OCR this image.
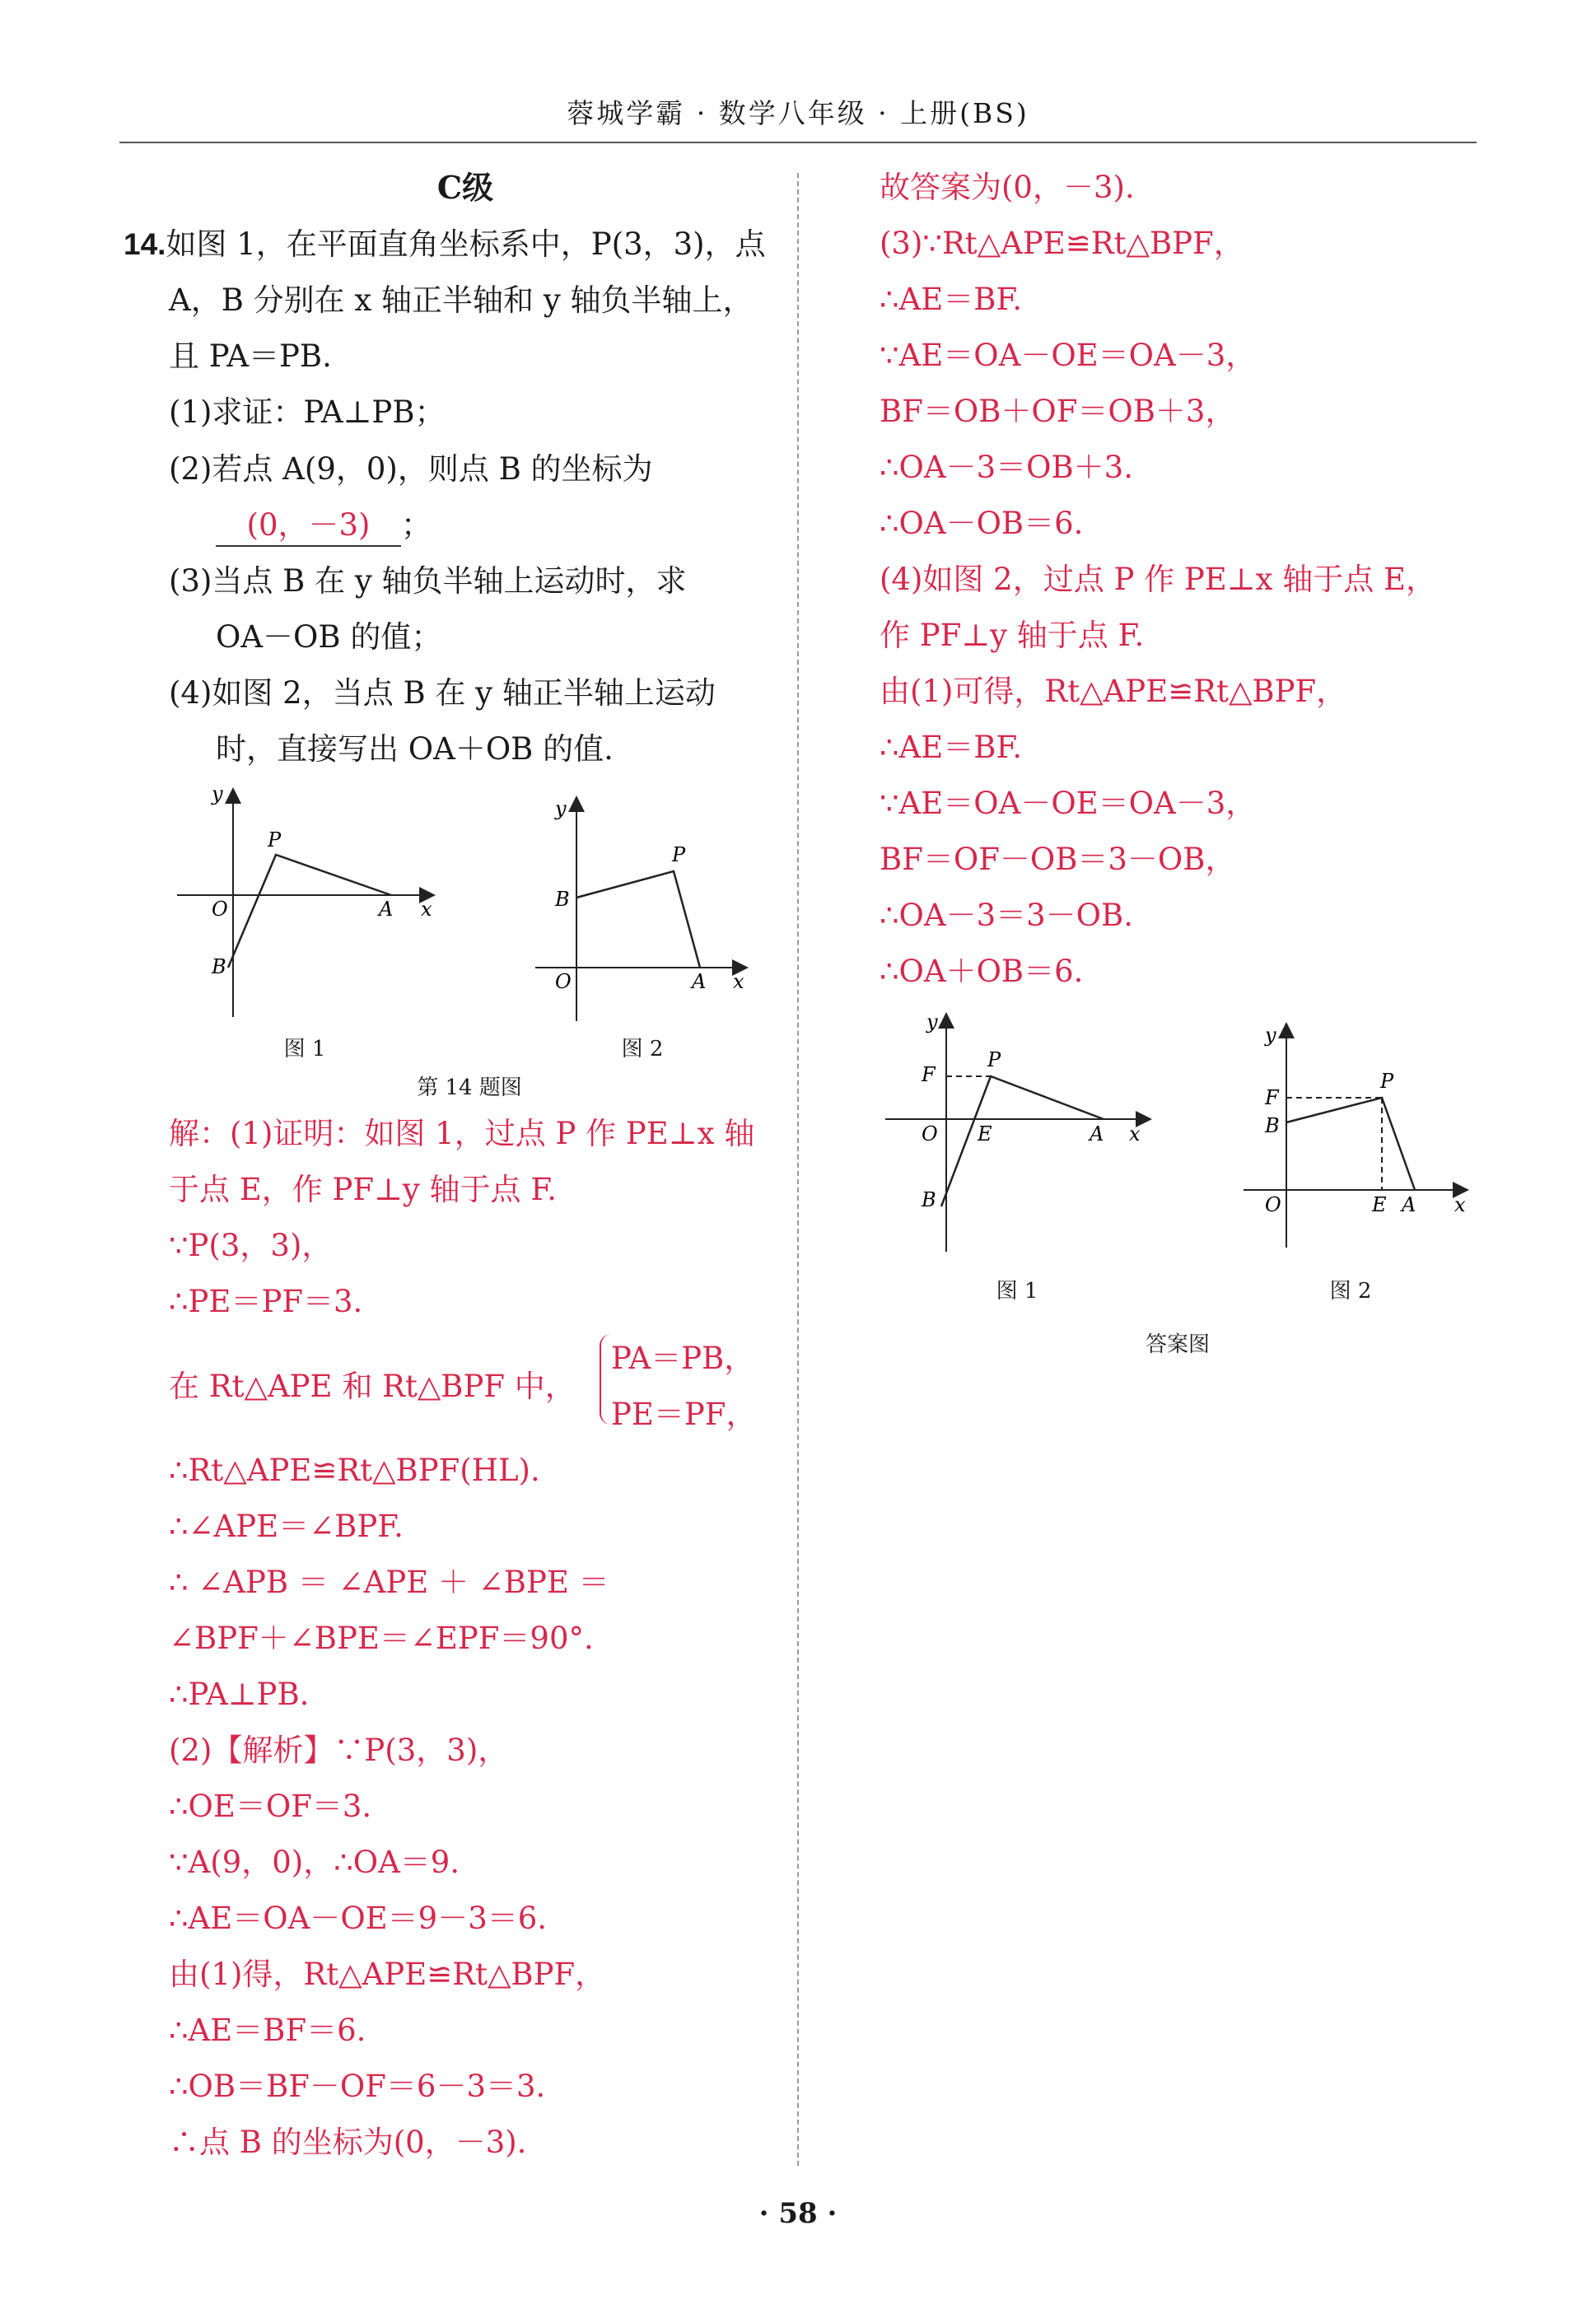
蓉城学霸 · 数学八年级 · 上册(BS)
C级
14.如图 1，在平面直角坐标系中，P(3，3)，点
A，B 分别在 x 轴正半轴和 y 轴负半轴上，
且 PA＝PB.
(1)求证：PA⊥PB；
(2)若点 A(9，0)，则点 B 的坐标为
(0，－3) ；
(3)当点 B 在 y 轴负半轴上运动时，求
OA－OB 的值；
(4)如图 2，当点 B 在 y 轴正半轴上运动
时，直接写出 OA＋OB 的值.
y
x
O	A
P
B
图 1
y
x
O	A
P
B
图 2
第 14 题图
解：(1)证明：如图 1，过点 P 作 PE⊥x 轴
于点 E，作 PF⊥y 轴于点 F.
∵P(3，3)，
∴PE＝PF＝3.
在 Rt△APE 和 Rt△BPF 中，
PA＝PB，
PE＝PF，
∴Rt△APE≌Rt△BPF(HL).
∴∠APE＝∠BPF.
∴ ∠APB ＝ ∠APE ＋ ∠BPE ＝
∠BPF＋∠BPE＝∠EPF＝90°.
∴PA⊥PB.
(2)【解析】∵P(3，3)，
∴OE＝OF＝3.
∵A(9，0)，∴OA＝9.
∴AE＝OA－OE＝9－3＝6.
由(1)得，Rt△APE≌Rt△BPF，
∴AE＝BF＝6.
∴OB＝BF－OF＝6－3＝3.
∴点 B 的坐标为(0，－3).
故答案为(0，－3).
(3)∵Rt△APE≌Rt△BPF，
∴AE＝BF.
∵AE＝OA－OE＝OA－3，
BF＝OB＋OF＝OB＋3，
∴OA－3＝OB＋3.
∴OA－OB＝6.
(4)如图 2，过点 P 作 PE⊥x 轴于点 E，
作 PF⊥y 轴于点 F.
由(1)可得，Rt△APE≌Rt△BPF，
∴AE＝BF.
∵AE＝OA－OE＝OA－3，
BF＝OF－OB＝3－OB，
∴OA－3＝3－OB.
∴OA＋OB＝6.
y
x
O E	A
P
F
B
图 1
y
x
O	E A
P
F
B
图 2
答案图
· 58 ·
